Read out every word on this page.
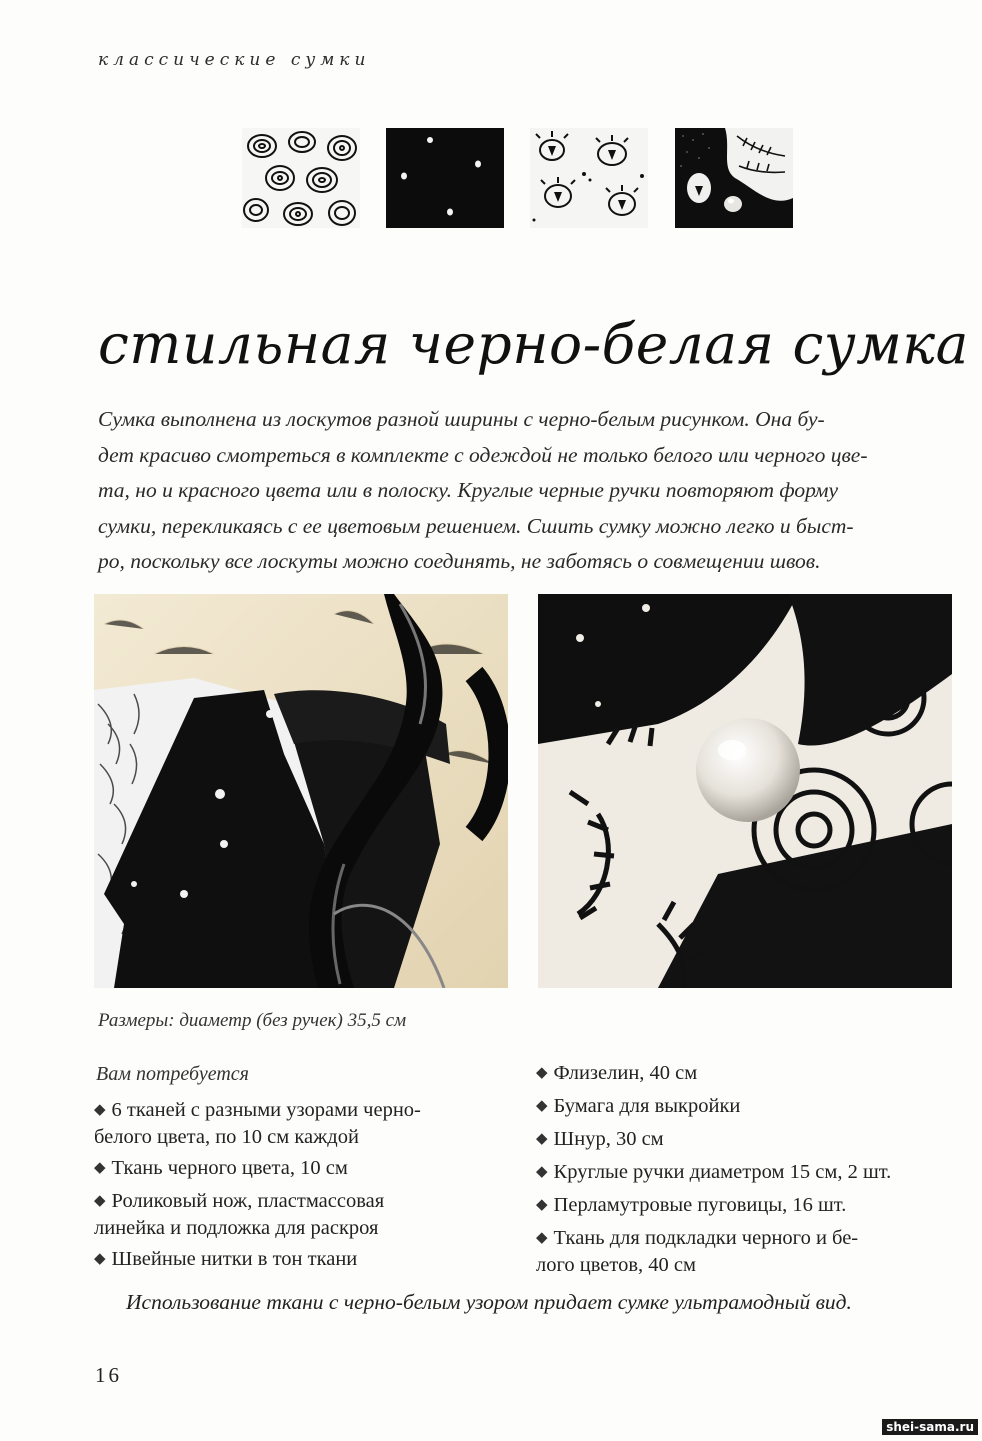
классические сумки
стильная черно-белая сумка
Сумка выполнена из лоскутов разной ширины с черно-белым рисунком. Она бу-
дет красиво смотреться в комплекте с одеждой не только белого или черного цве-
та, но и красного цвета или в полоску. Круглые черные ручки повторяют форму
сумки, перекликаясь с ее цветовым решением. Сшить сумку можно легко и быст-
ро, поскольку все лоскуты можно соединять, не заботясь о совмещении швов.
Размеры: диаметр (без ручек) 35,5 см
Вам потребуется
◆ 6 тканей с разными узорами черно-
белого цвета, по 10 см каждой
◆ Ткань черного цвета, 10 см
◆ Роликовый нож, пластмассовая
линейка и подложка для раскроя
◆ Швейные нитки в тон ткани
◆ Флизелин, 40 см
◆ Бумага для выкройки
◆ Шнур, 30 см
◆ Круглые ручки диаметром 15 см, 2 шт.
◆ Перламутровые пуговицы, 16 шт.
◆ Ткань для подкладки черного и бе-
лого цветов, 40 см
Использование ткани с черно-белым узором придает сумке ультрамодный вид.
16
shei-sama.ru
